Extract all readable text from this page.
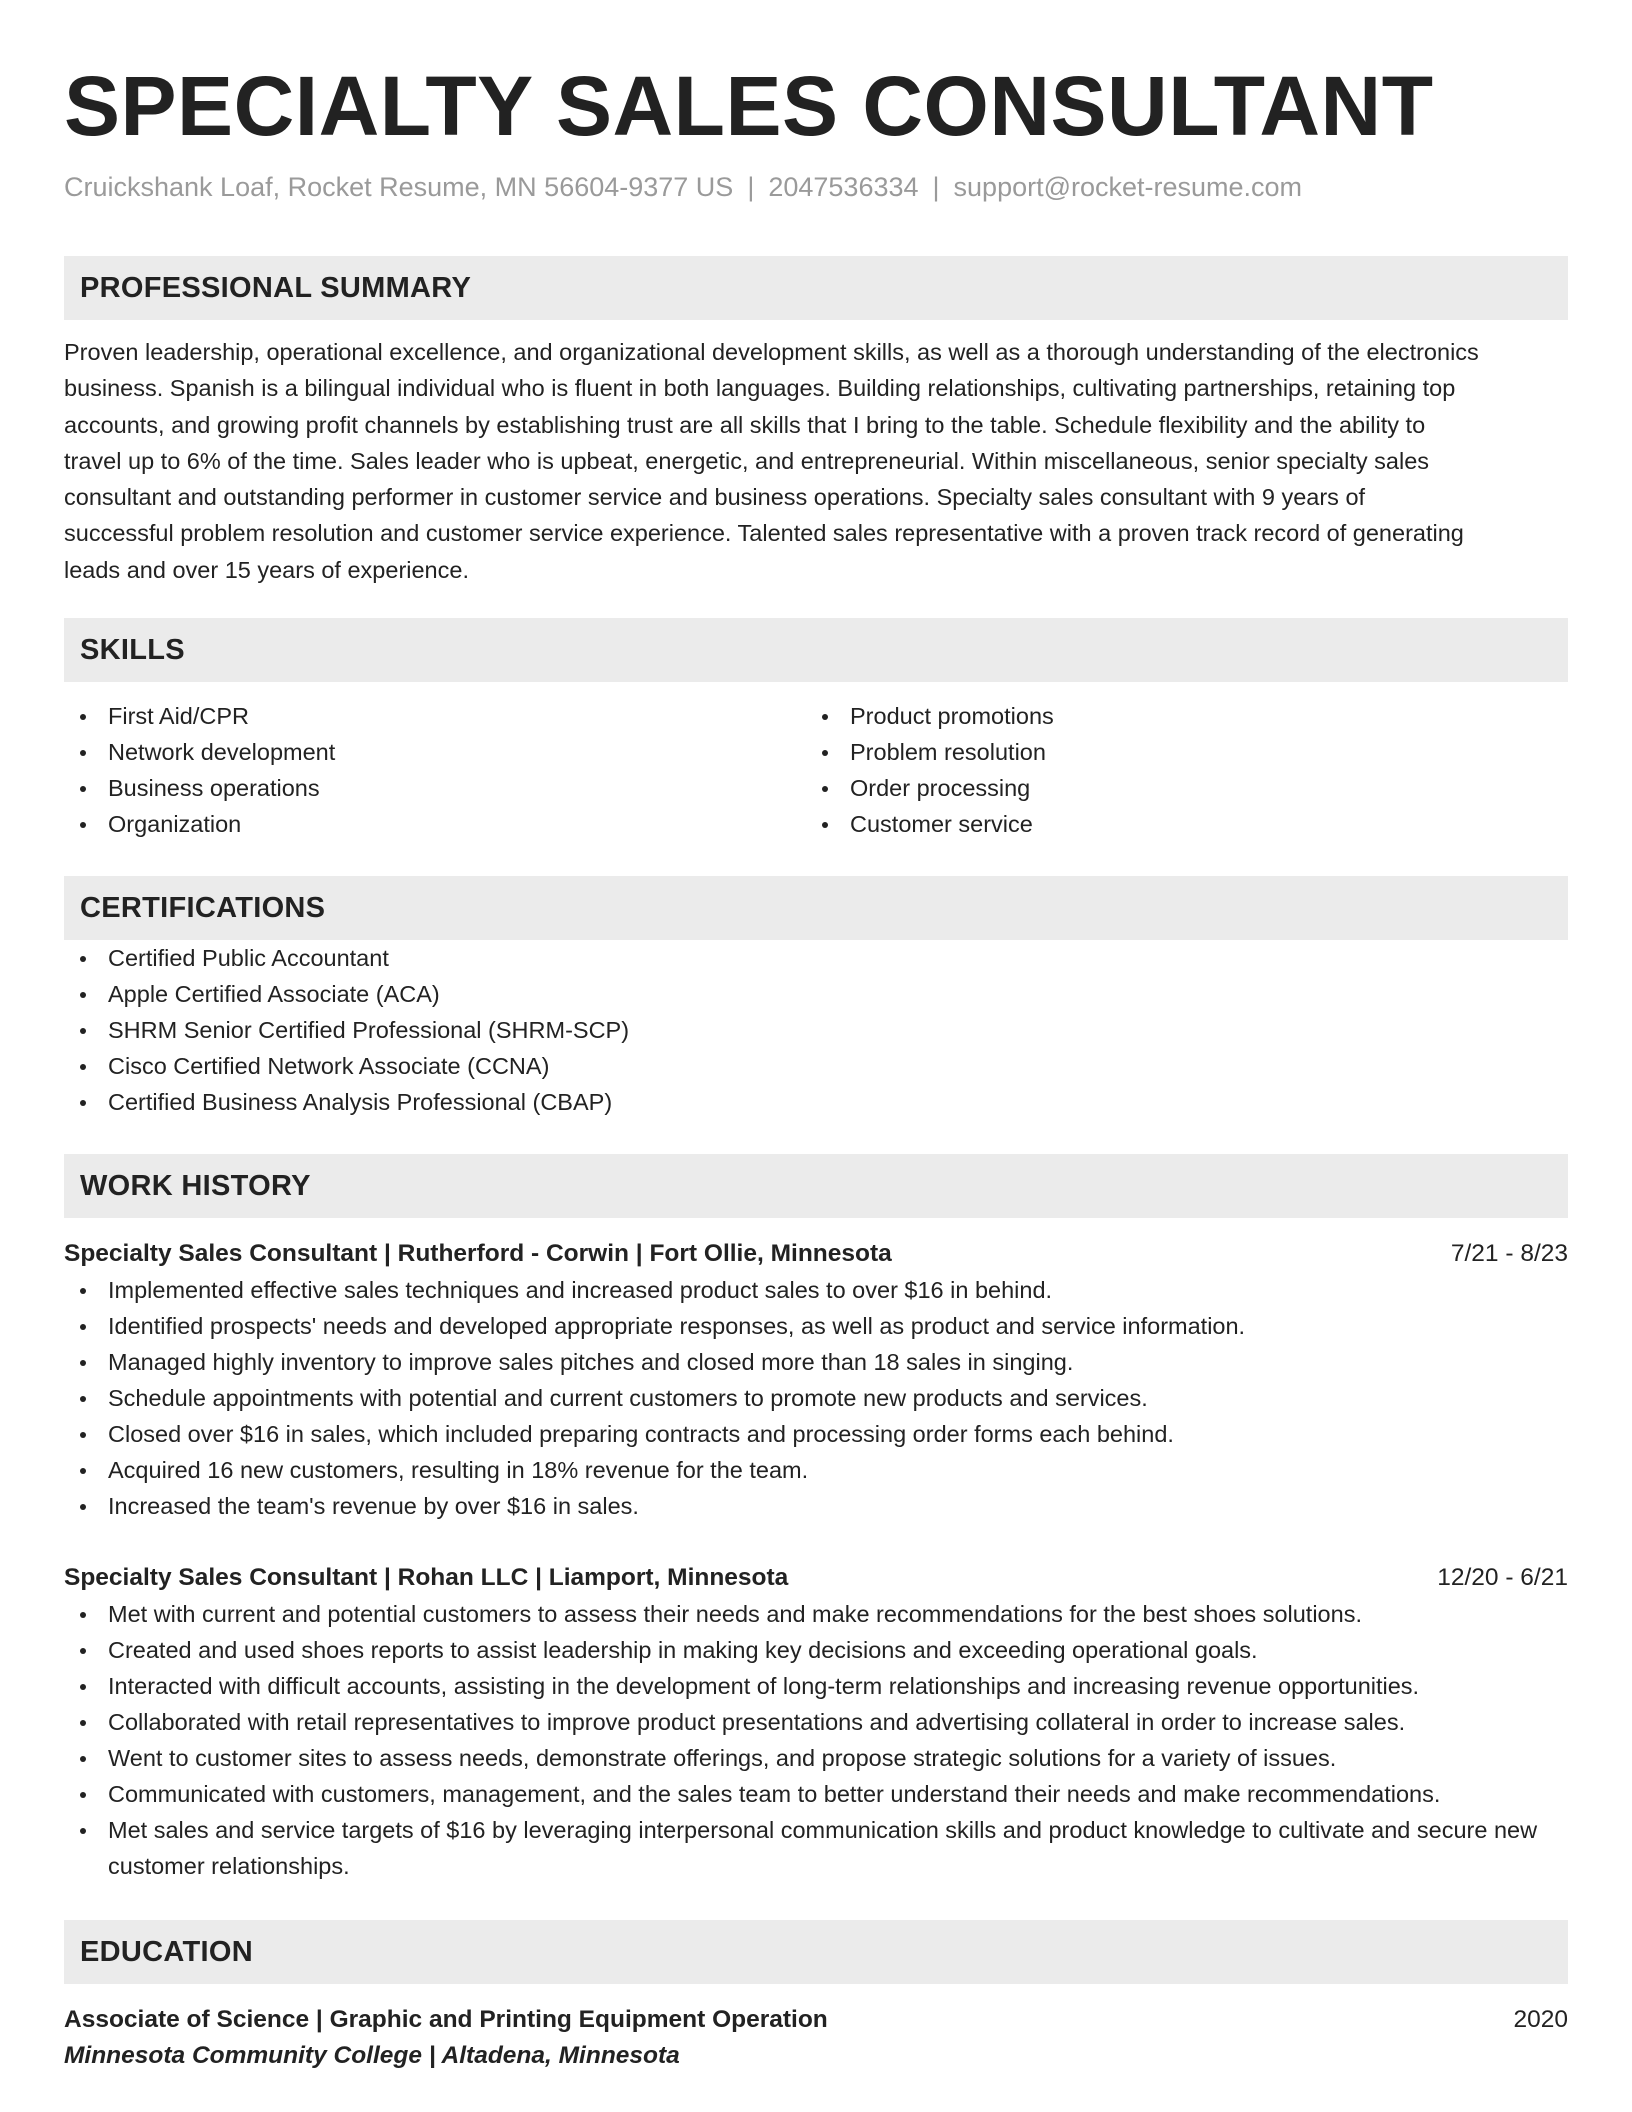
SPECIALTY SALES CONSULTANT
Cruickshank Loaf, Rocket Resume, MN 56604-9377 US | 2047536334 | support@rocket-resume.com
PROFESSIONAL SUMMARY
Proven leadership, operational excellence, and organizational development skills, as well as a thorough understanding of the electronics
business. Spanish is a bilingual individual who is fluent in both languages. Building relationships, cultivating partnerships, retaining top
accounts, and growing profit channels by establishing trust are all skills that I bring to the table. Schedule flexibility and the ability to
travel up to 6% of the time. Sales leader who is upbeat, energetic, and entrepreneurial. Within miscellaneous, senior specialty sales
consultant and outstanding performer in customer service and business operations. Specialty sales consultant with 9 years of
successful problem resolution and customer service experience. Talented sales representative with a proven track record of generating
leads and over 15 years of experience.
SKILLS
First Aid/CPR
Network development
Business operations
Organization
Product promotions
Problem resolution
Order processing
Customer service
CERTIFICATIONS
Certified Public Accountant
Apple Certified Associate (ACA)
SHRM Senior Certified Professional (SHRM-SCP)
Cisco Certified Network Associate (CCNA)
Certified Business Analysis Professional (CBAP)
WORK HISTORY
Specialty Sales Consultant | Rutherford - Corwin | Fort Ollie, Minnesota	7/21 - 8/23
Implemented effective sales techniques and increased product sales to over $16 in behind.
Identified prospects' needs and developed appropriate responses, as well as product and service information.
Managed highly inventory to improve sales pitches and closed more than 18 sales in singing.
Schedule appointments with potential and current customers to promote new products and services.
Closed over $16 in sales, which included preparing contracts and processing order forms each behind.
Acquired 16 new customers, resulting in 18% revenue for the team.
Increased the team's revenue by over $16 in sales.
Specialty Sales Consultant | Rohan LLC | Liamport, Minnesota	12/20 - 6/21
Met with current and potential customers to assess their needs and make recommendations for the best shoes solutions.
Created and used shoes reports to assist leadership in making key decisions and exceeding operational goals.
Interacted with difficult accounts, assisting in the development of long-term relationships and increasing revenue opportunities.
Collaborated with retail representatives to improve product presentations and advertising collateral in order to increase sales.
Went to customer sites to assess needs, demonstrate offerings, and propose strategic solutions for a variety of issues.
Communicated with customers, management, and the sales team to better understand their needs and make recommendations.
Met sales and service targets of $16 by leveraging interpersonal communication skills and product knowledge to cultivate and secure new customer relationships.
EDUCATION
Associate of Science | Graphic and Printing Equipment Operation	2020
Minnesota Community College | Altadena, Minnesota
